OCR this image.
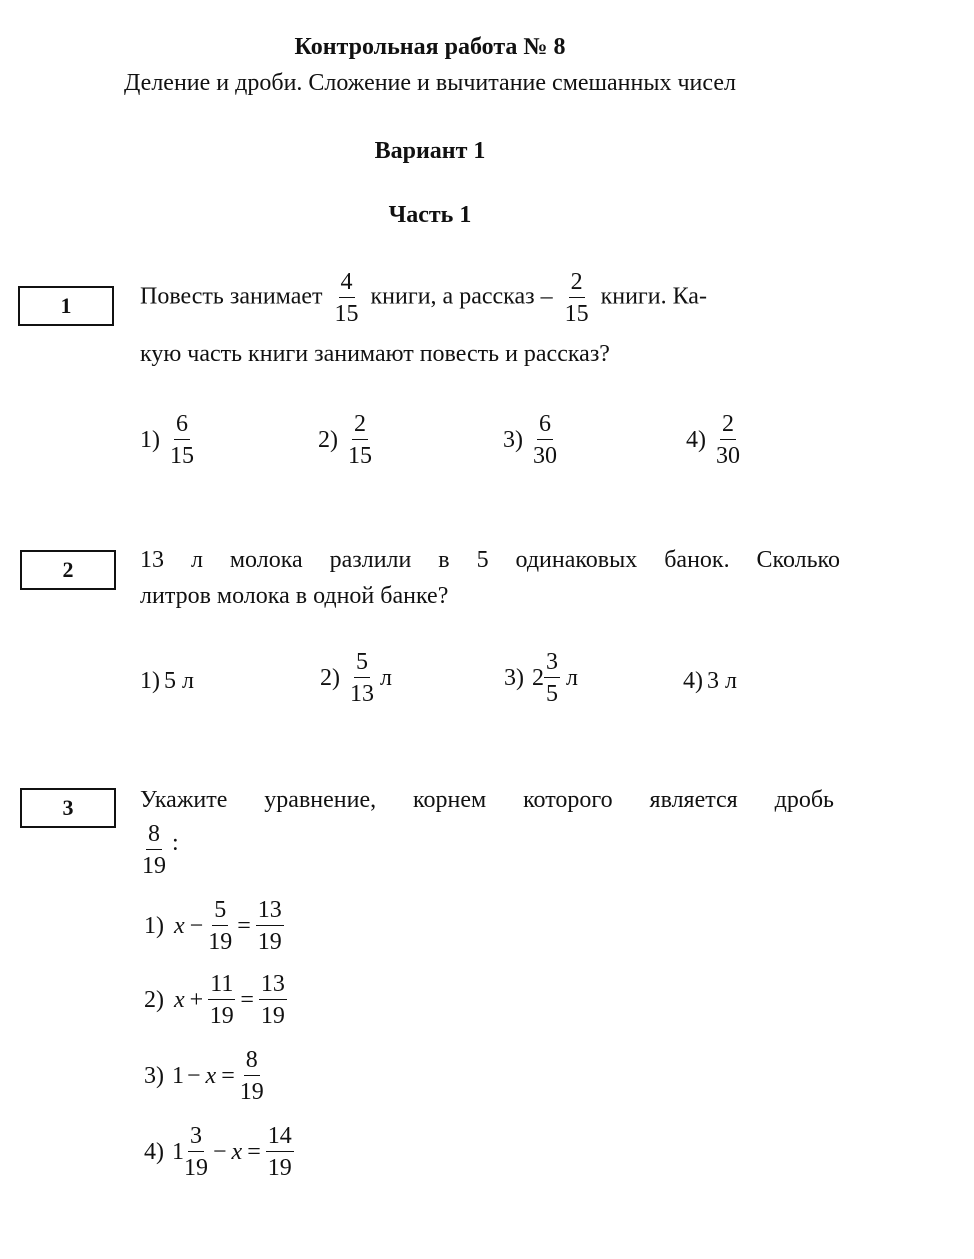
Контрольная работа № 8
Деление и дроби. Сложение и вычитание смешанных чисел
Вариант 1
Часть 1
1	Повесть занимает $\frac{4}{15}$ книги, а рассказ – $\frac{2}{15}$ книги. Ка-
кую часть книги занимают повесть и рассказ?
$1) \frac{6}{15}$	$2) \frac{2}{15}$	$3) \frac{6}{30}$	$4) \frac{2}{30}$
2	13 л молока разлили в 5 одинаковых банок. Сколько
литров молока в одной банке?
1) 5 л	$2) \frac{5}{13}$ л	3) $2 \frac{3}{5}$ л	4) 3 л
3	Укажите уравнение, корнем которого является дробь
$\frac{8}{19}$ :
1) $x - \frac{5}{19} = \frac{13}{19}$
2) $x + \frac{11}{19} = \frac{13}{19}$
3) $1 - x = \frac{8}{19}$
4) $1 \frac{3}{19} - x = \frac{14}{19}$
